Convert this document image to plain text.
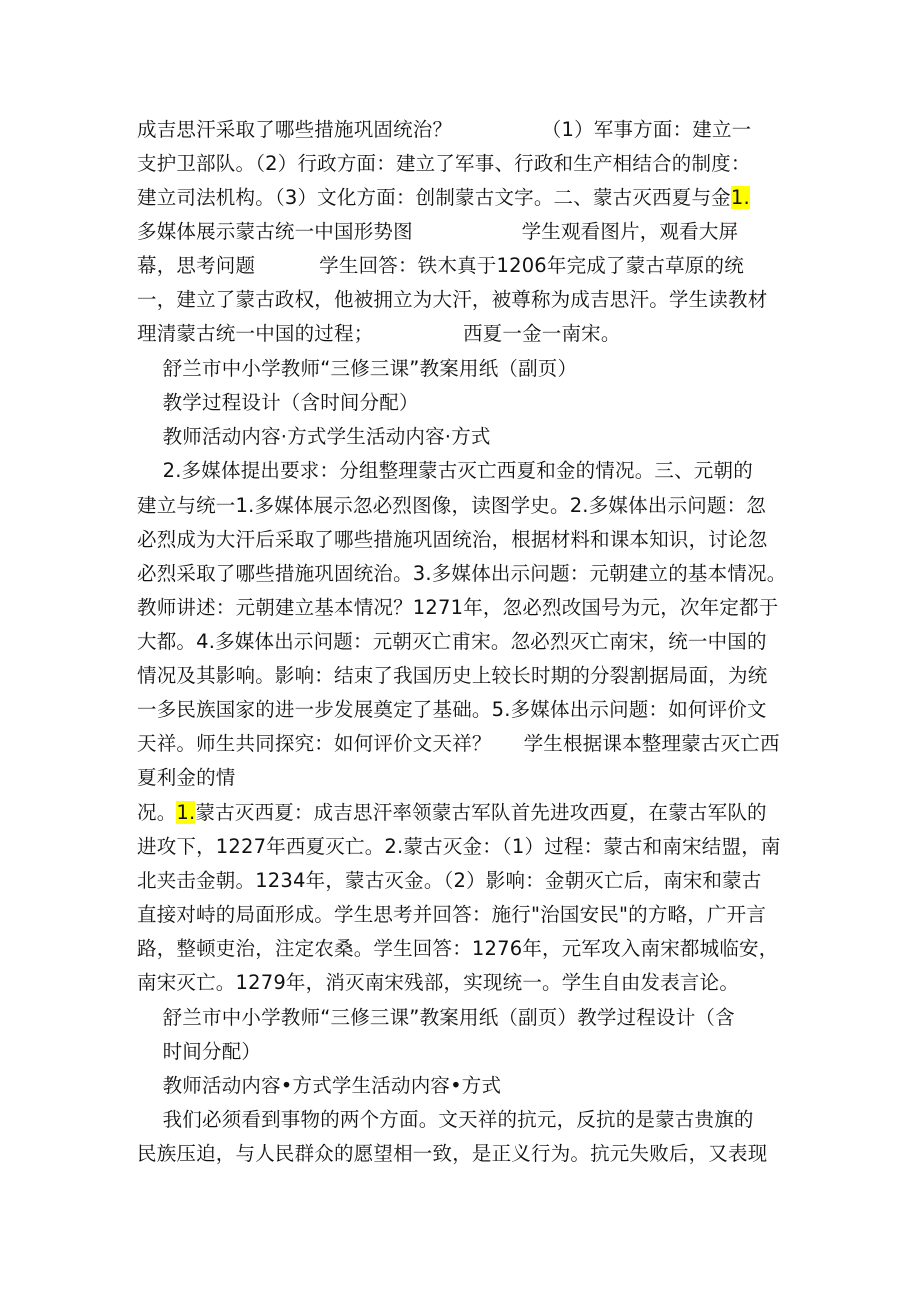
成吉思汗采取了哪些措施巩固统治？              （1）军事方面：建立一
支护卫部队。（2）行政方面：建立了军事、行政和生产相结合的制度：
建立司法机构。（3）文化方面：创制蒙古文字。二、蒙古灭西夏与金1.
多媒体展示蒙古统一中国形势图                 学生观看图片，观看大屏
幕，思考问题          学生回答：铁木真于1206年完成了蒙古草原的统
一，建立了蒙古政权，他被拥立为大汗，被尊称为成吉思汗。学生读教材
理清蒙古统一中国的过程；              西夏一金一南宋。
舒兰市中小学教师“三修三课”教案用纸（副页）
教学过程设计（含时间分配）
教师活动内容·方式学生活动内容·方式
2.多媒体提出要求：分组整理蒙古灭亡西夏和金的情况。三、元朝的
建立与统一1.多媒体展示忽必烈图像，读图学史。2.多媒体出示问题：忽
必烈成为大汗后采取了哪些措施巩固统治，根据材料和课本知识，讨论忽
必烈采取了哪些措施巩固统治。3.多媒体出示问题：元朝建立的基本情况。
教师讲述：元朝建立基本情况？1271年，忽必烈改国号为元，次年定都于
大都。4.多媒体出示问题：元朝灭亡甫宋。忽必烈灭亡南宋，统一中国的
情况及其影响。影响：结束了我国历史上较长时期的分裂割据局面，为统
一多民族国家的进一步发展奠定了基础。5.多媒体出示问题：如何评价文
天祥。师生共同探究：如何评价文天祥？     学生根据课本整理蒙古灭亡西
夏利金的情
况。1.蒙古灭西夏：成吉思汗率领蒙古军队首先进攻西夏，在蒙古军队的
进攻下，1227年西夏灭亡。2.蒙古灭金：（1）过程：蒙古和南宋结盟，南
北夹击金朝。1234年，蒙古灭金。（2）影响：金朝灭亡后，南宋和蒙古
直接对峙的局面形成。学生思考并回答：施行"治国安民"的方略，广开言
路，整顿吏治，注定农桑。学生回答：1276年，元军攻入南宋都城临安，
南宋灭亡。1279年，消灭南宋残部，实现统一。学生自由发表言论。
舒兰市中小学教师“三修三课”教案用纸（副页）教学过程设计（含
时间分配）
教师活动内容•方式学生活动内容•方式
我们必须看到事物的两个方面。文天祥的抗元，反抗的是蒙古贵旗的
民族压迫，与人民群众的愿望相一致，是正义行为。抗元失败后，又表现
